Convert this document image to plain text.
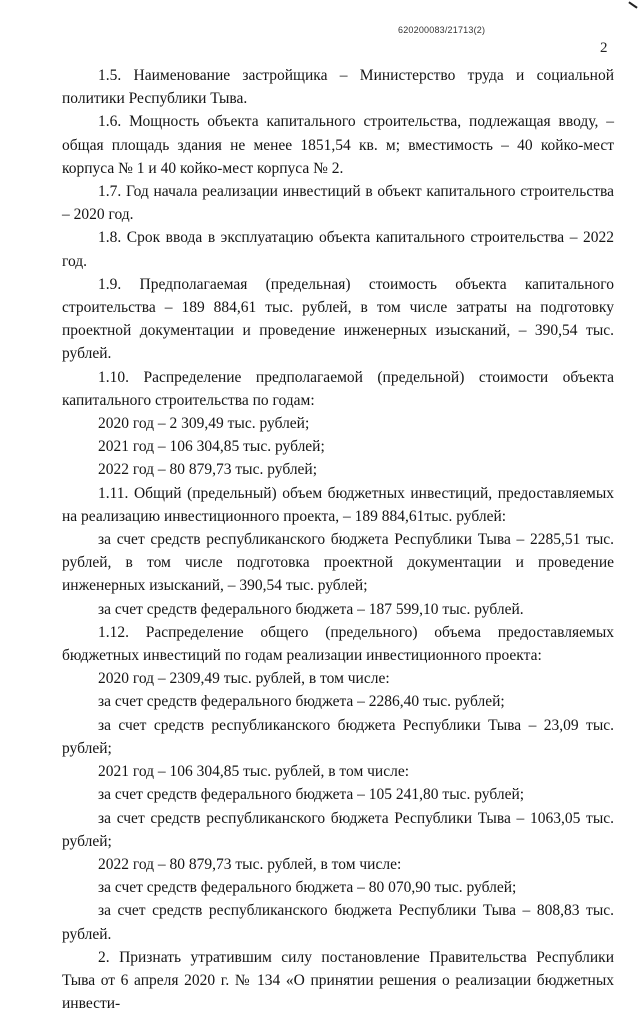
620200083/21713(2)
2

1.5. Наименование застройщика – Министерство труда и социальной политики Республики Тыва.

1.6. Мощность объекта капитального строительства, подлежащая вводу, – общая площадь здания не менее 1851,54 кв. м; вместимость – 40 койко-мест корпуса № 1 и 40 койко-мест корпуса № 2.

1.7. Год начала реализации инвестиций в объект капитального строительства – 2020 год.

1.8. Срок ввода в эксплуатацию объекта капитального строительства – 2022 год.

1.9. Предполагаемая (предельная) стоимость объекта капитального строительства – 189 884,61 тыс. рублей, в том числе затраты на подготовку проектной документации и проведение инженерных изысканий, – 390,54 тыс. рублей.

1.10. Распределение предполагаемой (предельной) стоимости объекта капитального строительства по годам:

2020 год – 2 309,49 тыс. рублей;

2021 год – 106 304,85 тыс. рублей;

2022 год – 80 879,73 тыс. рублей;

1.11. Общий (предельный) объем бюджетных инвестиций, предоставляемых на реализацию инвестиционного проекта, – 189 884,61тыс. рублей:

за счет средств республиканского бюджета Республики Тыва – 2285,51 тыс. рублей, в том числе подготовка проектной документации и проведение инженерных изысканий, – 390,54 тыс. рублей;

за счет средств федерального бюджета – 187 599,10 тыс. рублей.

1.12. Распределение общего (предельного) объема предоставляемых бюджетных инвестиций по годам реализации инвестиционного проекта:

2020 год – 2309,49 тыс. рублей, в том числе:

за счет средств федерального бюджета – 2286,40 тыс. рублей;

за счет средств республиканского бюджета Республики Тыва – 23,09 тыс. рублей;

2021 год – 106 304,85 тыс. рублей, в том числе:

за счет средств федерального бюджета – 105 241,80 тыс. рублей;

за счет средств республиканского бюджета Республики Тыва – 1063,05 тыс. рублей;

2022 год – 80 879,73 тыс. рублей, в том числе:

за счет средств федерального бюджета – 80 070,90 тыс. рублей;

за счет средств республиканского бюджета Республики Тыва – 808,83 тыс. рублей.

2. Признать утратившим силу постановление Правительства Республики Тыва от 6 апреля 2020 г. № 134 «О принятии решения о реализации бюджетных инвести-
